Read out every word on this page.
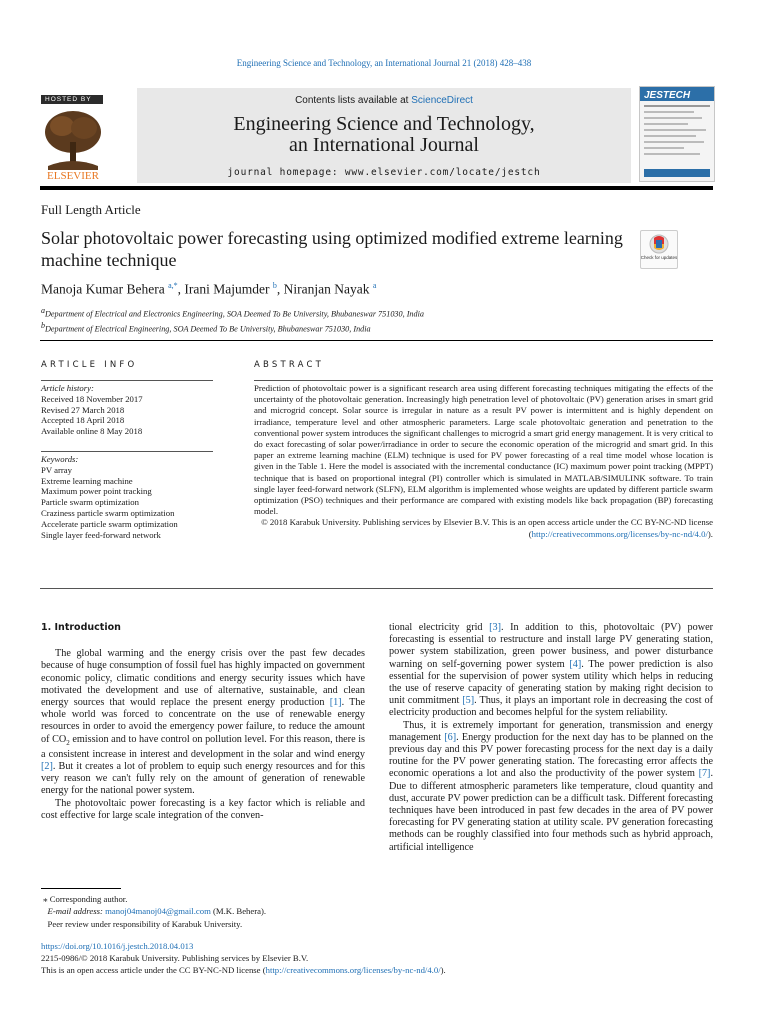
Engineering Science and Technology, an International Journal 21 (2018) 428–438
HOSTED BY
ELSEVIER
Contents lists available at ScienceDirect
Engineering Science and Technology,
an International Journal
journal homepage: www.elsevier.com/locate/jestch
JESTECH
Full Length Article
Solar photovoltaic power forecasting using optimized modified extreme learning machine technique	Check for updates
Manoja Kumar Behera $^{a,*}$, Irani Majumder $^b$, Niranjan Nayak $^a$
$^a$Department of Electrical and Electronics Engineering, SOA Deemed To Be University, Bhubaneswar 751030, India
$^b$Department of Electrical Engineering, SOA Deemed To Be University, Bhubaneswar 751030, India
ARTICLE INFO	ABSTRACT
Article history:
Received 18 November 2017
Revised 27 March 2018
Accepted 18 April 2018
Available online 8 May 2018
Keywords:
PV array
Extreme learning machine
Maximum power point tracking
Particle swarm optimization
Craziness particle swarm optimization
Accelerate particle swarm optimization
Single layer feed-forward network
Prediction of photovoltaic power is a significant research area using different forecasting techniques mitigating the effects of the uncertainty of the photovoltaic generation. Increasingly high penetration level of photovoltaic (PV) generation arises in smart grid and microgrid concept. Solar source is irregular in nature as a result PV power is intermittent and is highly dependent on irradiance, temperature level and other atmospheric parameters. Large scale photovoltaic generation and penetration to the conventional power system introduces the significant challenges to microgrid a smart grid energy management. It is very critical to do exact forecasting of solar power/irradiance in order to secure the economic operation of the microgrid and smart grid. In this paper an extreme learning machine (ELM) technique is used for PV power forecasting of a real time model whose location is given in the Table 1. Here the model is associated with the incremental conductance (IC) maximum power point tracking (MPPT) technique that is based on proportional integral (PI) controller which is simulated in MATLAB/SIMULINK software. To train single layer feed-forward network (SLFN), ELM algorithm is implemented whose weights are updated by different particle swarm optimization (PSO) techniques and their performance are compared with existing models like back propagation (BP) forecasting model.
© 2018 Karabuk University. Publishing services by Elsevier B.V. This is an open access article under the CC BY-NC-ND license (http://creativecommons.org/licenses/by-nc-nd/4.0/).
1. Introduction

The global warming and the energy crisis over the past few decades because of huge consumption of fossil fuel has highly impacted on government economic policy, climatic conditions and energy security issues which have motivated the development and use of alternative, sustainable, and clean energy sources that would replace the present energy production [1]. The whole world was forced to concentrate on the use of renewable energy resources in order to avoid the emergency power failure, to reduce the amount of $CO_2$ emission and to have control on pollution level. For this reason, there is a consistent increase in interest and development in the solar and wind energy [2]. But it creates a lot of problem to equip such energy resources and for this very reason we can't fully rely on the amount of generation of renewable energy for the national power system.

The photovoltaic power forecasting is a key factor which is reliable and cost effective for large scale integration of the conven-

tional electricity grid [3]. In addition to this, photovoltaic (PV) power forecasting is essential to restructure and install large PV generating station, power system stabilization, green power business, and power disturbance warning on self-governing power system [4]. The power prediction is also essential for the supervision of power system utility which helps in reducing the use of reserve capacity of generating station by making right decision to unit commitment [5]. Thus, it plays an important role in decreasing the cost of electricity production and becomes helpful for the system reliability.

Thus, it is extremely important for generation, transmission and energy management [6]. Energy production for the next day has to be planned on the previous day and this PV power forecasting process for the next day is a daily routine for the PV power generating station. The forecasting error affects the economic operations a lot and also the productivity of the power system [7]. Due to different atmospheric parameters like temperature, cloud quantity and dust, accurate PV power prediction can be a difficult task. Different forecasting techniques have been introduced in past few decades in the area of PV power forecasting for PV generating station at utility scale. PV generation forecasting methods can be roughly classified into four methods such as hybrid approach, artificial intelligence

⁎ Corresponding author.
E-mail address: manoj04manoj04@gmail.com (M.K. Behera).
Peer review under responsibility of Karabuk University.
https://doi.org/10.1016/j.jestch.2018.04.013
2215-0986/© 2018 Karabuk University. Publishing services by Elsevier B.V.
This is an open access article under the CC BY-NC-ND license (http://creativecommons.org/licenses/by-nc-nd/4.0/).
